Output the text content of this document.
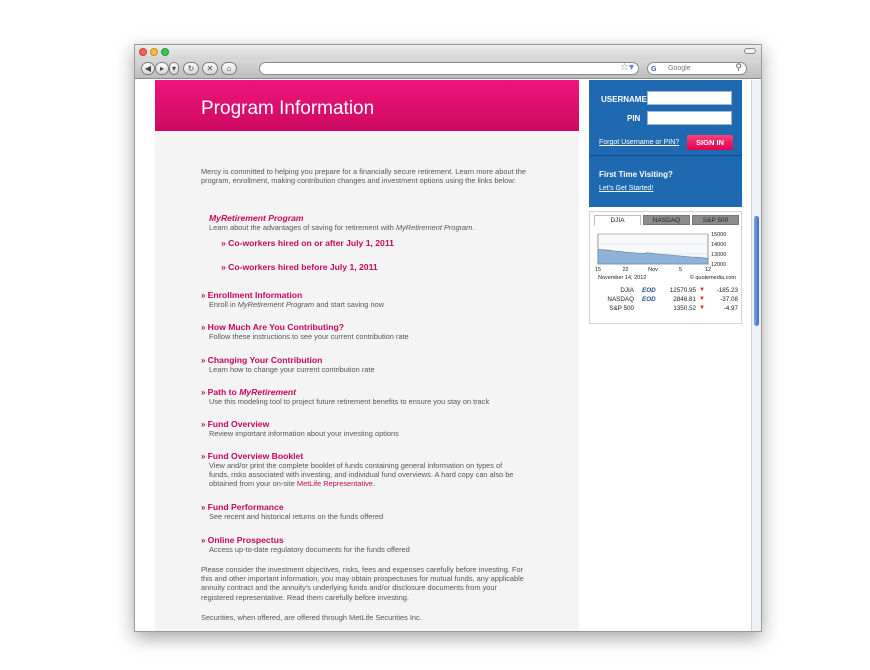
◀	▸ ▾	↻	✕	⌂	☆▾ G Google	⚲
Program Information
Mercy is committed to helping you prepare for a financially secure retirement. Learn more about the program, enrollment, making contribution changes and investment options using the links below:
MyRetirement Program
Learn about the advantages of saving for retirement with MyRetirement Program.
» Co-workers hired on or after July 1, 2011
» Co-workers hired before July 1, 2011
» Enrollment Information
Enroll in MyRetirement Program and start saving now
» How Much Are You Contributing?
Follow these instructions to see your current contribution rate
» Changing Your Contribution
Learn how to change your current contribution rate
» Path to MyRetirement
Use this modeling tool to project future retirement benefits to ensure you stay on track
» Fund Overview
Review important information about your investing options
» Fund Overview Booklet
View and/or print the complete booklet of funds containing general information on types of funds, risks associated with investing, and individual fund overviews. A hard copy can also be obtained from your on-site MetLife Representative.
» Fund Performance
See recent and historical returns on the funds offered
» Online Prospectus
Access up-to-date regulatory documents for the funds offered
Please consider the investment objectives, risks, fees and expenses carefully before investing. For this and other important information, you may obtain prospectuses for mutual funds, any applicable annuity contract and the annuity's underlying funds and/or disclosure documents from your registered representative. Read them carefully before investing.
Securities, when offered, are offered through MetLife Securities Inc.
USERNAME
PIN
Forgot Username or PIN?	SIGN IN
First Time Visiting?
Let's Get Started!
DJIA	NASDAQ	S&P 500
15000
14000
13000
12000
15	22	Nov	5	12
November 14, 2012	© quotemedia.com
DJIA EOD	12570.95 ▼	-185.23
NASDAQ EOD	2846.81 ▼	-37.08
S&P 500	1350.52 ▼	-4.97
